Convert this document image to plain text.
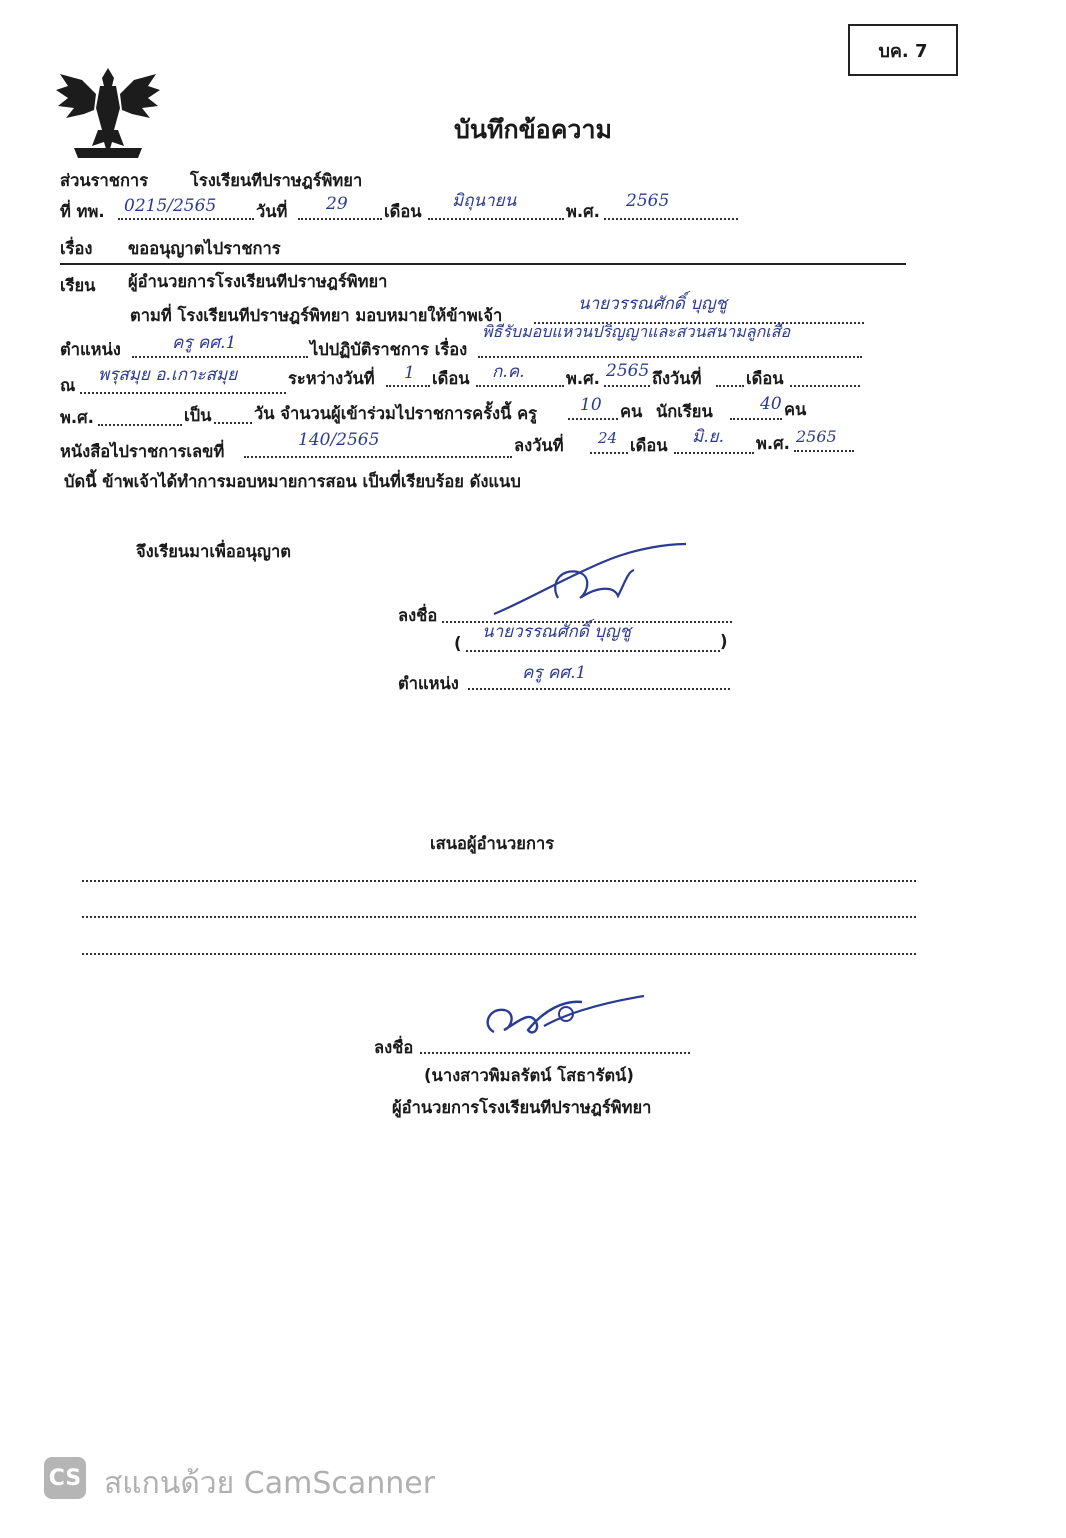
บค. 7
บันทึกข้อความ
ส่วนราชการ	โรงเรียนทีปราษฎร์พิทยา
ที่ ทพ. 0215/2565 วันที่ 29 เดือน
มิถุนายน
พ.ศ.
2565
เรื่อง ขออนุญาตไปราชการ
เรียน ผู้อำนวยการโรงเรียนทีปราษฎร์พิทยา
ตามที่ โรงเรียนทีปราษฎร์พิทยา มอบหมายให้ข้าพเจ้า
นายวรรณศักดิ์ บุญชู
ตำแหน่ง	ครู คศ.1	ไปปฏิบัติราชการ เรื่อง
พิธีรับมอบแหวนปริญญาและสวนสนามลูกเสือ
ณ
พรุสมุย อ.เกาะสมุย	ระหว่างวันที่ 1 เดือน ก.ค.	พ.ศ. 2565 ถึงวันที่	เดือน
พ.ศ.	เป็น	วัน จำนวนผู้เข้าร่วมไปราชการครั้งนี้ ครู	10 คน นักเรียน	40 คน
หนังสือไปราชการเลขที่
140/2565	ลงวันที่ 24 เดือน มิ.ย. พ.ศ. 2565
บัดนี้ ข้าพเจ้าได้ทำการมอบหมายการสอน เป็นที่เรียบร้อย ดังแนบ
จึงเรียนมาเพื่ออนุญาต
ลงชื่อ
(
นายวรรณศักดิ์ บุญชู	)
ตำแหน่ง
ครู คศ.1
เสนอผู้อำนวยการ
ลงชื่อ
(นางสาวพิมลรัตน์ โสธารัตน์)
ผู้อำนวยการโรงเรียนทีปราษฎร์พิทยา
CS สแกนด้วย CamScanner
